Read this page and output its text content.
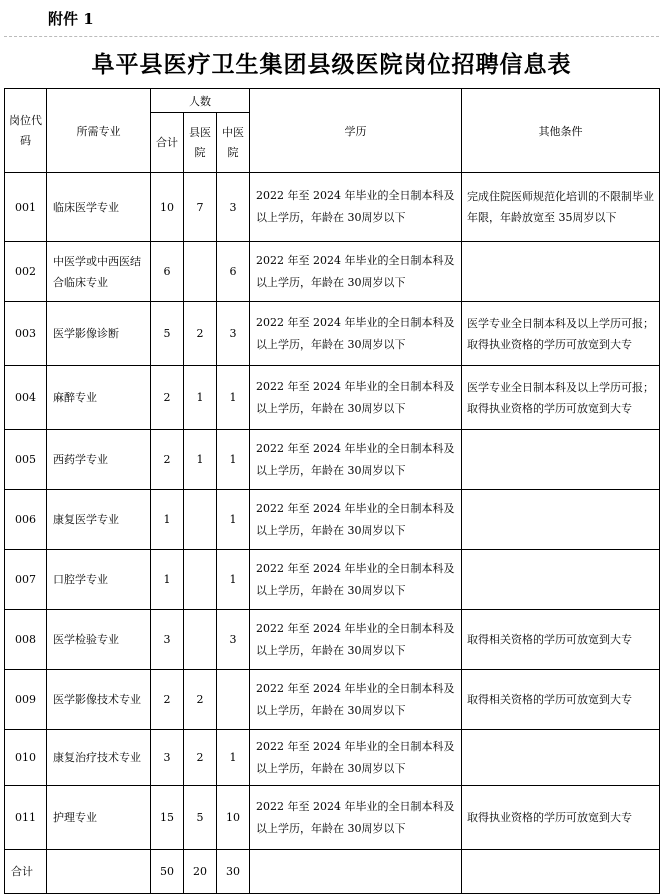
附件 1
阜平县医疗卫生集团县级医院岗位招聘信息表
岗位代码	所需专业	人数			学历	其他条件
		合计	县医院	中医院		
001	临床医学专业	10	7	3	2022 年至 2024 年毕业的全日制本科及以上学历，年龄在 30周岁以下	完成住院医师规范化培训的不限制毕业年限，年龄放宽至 35周岁以下
002	中医学或中西医结合临床专业	6		6	2022 年至 2024 年毕业的全日制本科及以上学历，年龄在 30周岁以下	
003	医学影像诊断	5	2	3	2022 年至 2024 年毕业的全日制本科及以上学历，年龄在 30周岁以下	医学专业全日制本科及以上学历可报；取得执业资格的学历可放宽到大专
004	麻醉专业	2	1	1	2022 年至 2024 年毕业的全日制本科及以上学历，年龄在 30周岁以下	医学专业全日制本科及以上学历可报；取得执业资格的学历可放宽到大专
005	西药学专业	2	1	1	2022 年至 2024 年毕业的全日制本科及以上学历，年龄在 30周岁以下	
006	康复医学专业	1		1	2022 年至 2024 年毕业的全日制本科及以上学历，年龄在 30周岁以下	
007	口腔学专业	1		1	2022 年至 2024 年毕业的全日制本科及以上学历，年龄在 30周岁以下	
008	医学检验专业	3		3	2022 年至 2024 年毕业的全日制本科及以上学历，年龄在 30周岁以下	取得相关资格的学历可放宽到大专
009	医学影像技术专业	2	2		2022 年至 2024 年毕业的全日制本科及以上学历，年龄在 30周岁以下	取得相关资格的学历可放宽到大专
010	康复治疗技术专业	3	2	1	2022 年至 2024 年毕业的全日制本科及以上学历，年龄在 30周岁以下	
011	护理专业	15	5	10	2022 年至 2024 年毕业的全日制本科及以上学历，年龄在 30周岁以下	取得执业资格的学历可放宽到大专
合计		50	20	30		
